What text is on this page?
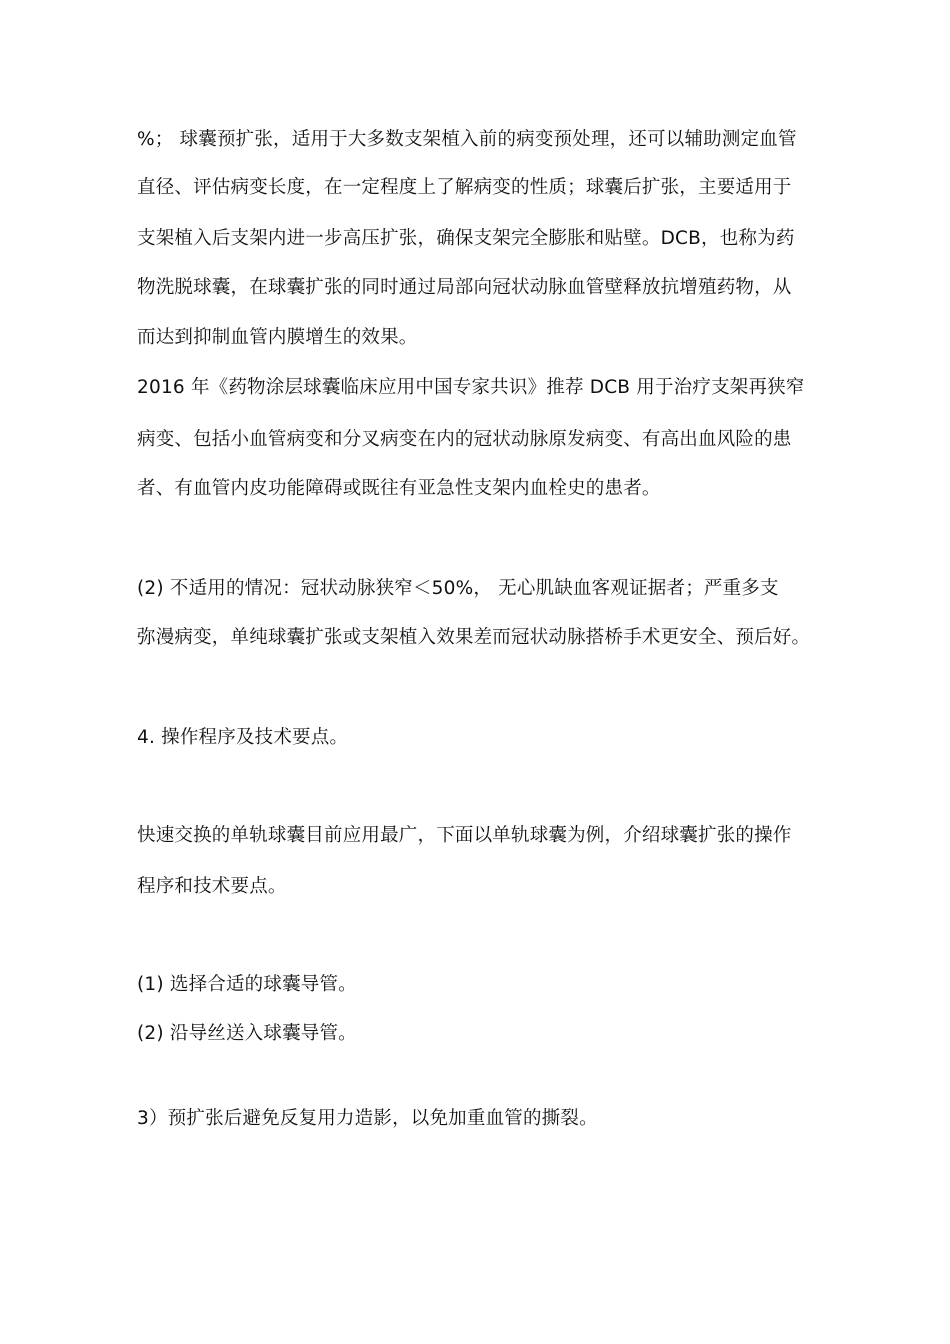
%； 球囊预扩张，适用于大多数支架植入前的病变预处理，还可以辅助测定血管
直径、评估病变长度，在一定程度上了解病变的性质；球囊后扩张，主要适用于
支架植入后支架内进一步高压扩张，确保支架完全膨胀和贴壁。DCB，也称为药
物洗脱球囊，在球囊扩张的同时通过局部向冠状动脉血管壁释放抗增殖药物，从
而达到抑制血管内膜增生的效果。
2016 年《药物涂层球囊临床应用中国专家共识》推荐 DCB 用于治疗支架再狭窄
病变、包括小血管病变和分叉病变在内的冠状动脉原发病变、有高出血风险的患
者、有血管内皮功能障碍或既往有亚急性支架内血栓史的患者。
(2) 不适用的情况：冠状动脉狭窄＜50%， 无心肌缺血客观证据者；严重多支
弥漫病变，单纯球囊扩张或支架植入效果差而冠状动脉搭桥手术更安全、预后好。
4. 操作程序及技术要点。
快速交换的单轨球囊目前应用最广，下面以单轨球囊为例，介绍球囊扩张的操作
程序和技术要点。
(1) 选择合适的球囊导管。
(2) 沿导丝送入球囊导管。
3）预扩张后避免反复用力造影，以免加重血管的撕裂。
